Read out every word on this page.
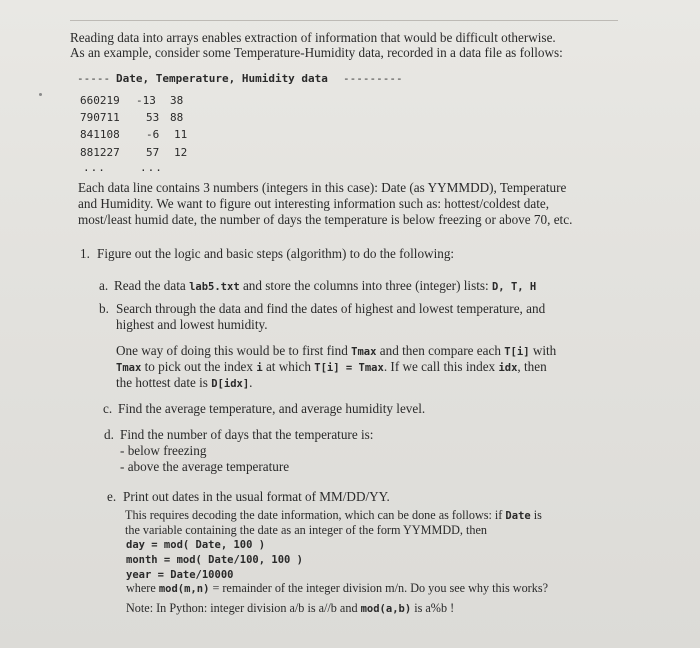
Reading data into arrays enables extraction of information that would be difficult otherwise.
As an example, consider some Temperature-Humidity data, recorded in a data file as follows:
----- Date, Temperature, Humidity data ---------
660219 -13 38
790711 53 88
841108 -6 11
881227 57 12
...	...
Each data line contains 3 numbers (integers in this case): Date (as YYMMDD), Temperature
and Humidity. We want to figure out interesting information such as: hottest/coldest date,
most/least humid date, the number of days the temperature is below freezing or above 70, etc.
1. Figure out the logic and basic steps (algorithm) to do the following:
a. Read the data lab5.txt and store the columns into three (integer) lists: D, T, H
b. Search through the data and find the dates of highest and lowest temperature, and
highest and lowest humidity.
One way of doing this would be to first find Tmax and then compare each T[i] with
Tmax to pick out the index i at which T[i] = Tmax. If we call this index idx, then
the hottest date is D[idx].
c. Find the average temperature, and average humidity level.
d. Find the number of days that the temperature is:
- below freezing
- above the average temperature
e. Print out dates in the usual format of MM/DD/YY.
This requires decoding the date information, which can be done as follows: if Date is
the variable containing the date as an integer of the form YYMMDD, then
day = mod( Date, 100 )
month = mod( Date/100, 100 )
year = Date/10000
where mod(m,n) = remainder of the integer division m/n. Do you see why this works?
Note: In Python: integer division a/b is a//b and mod(a,b) is a%b !
